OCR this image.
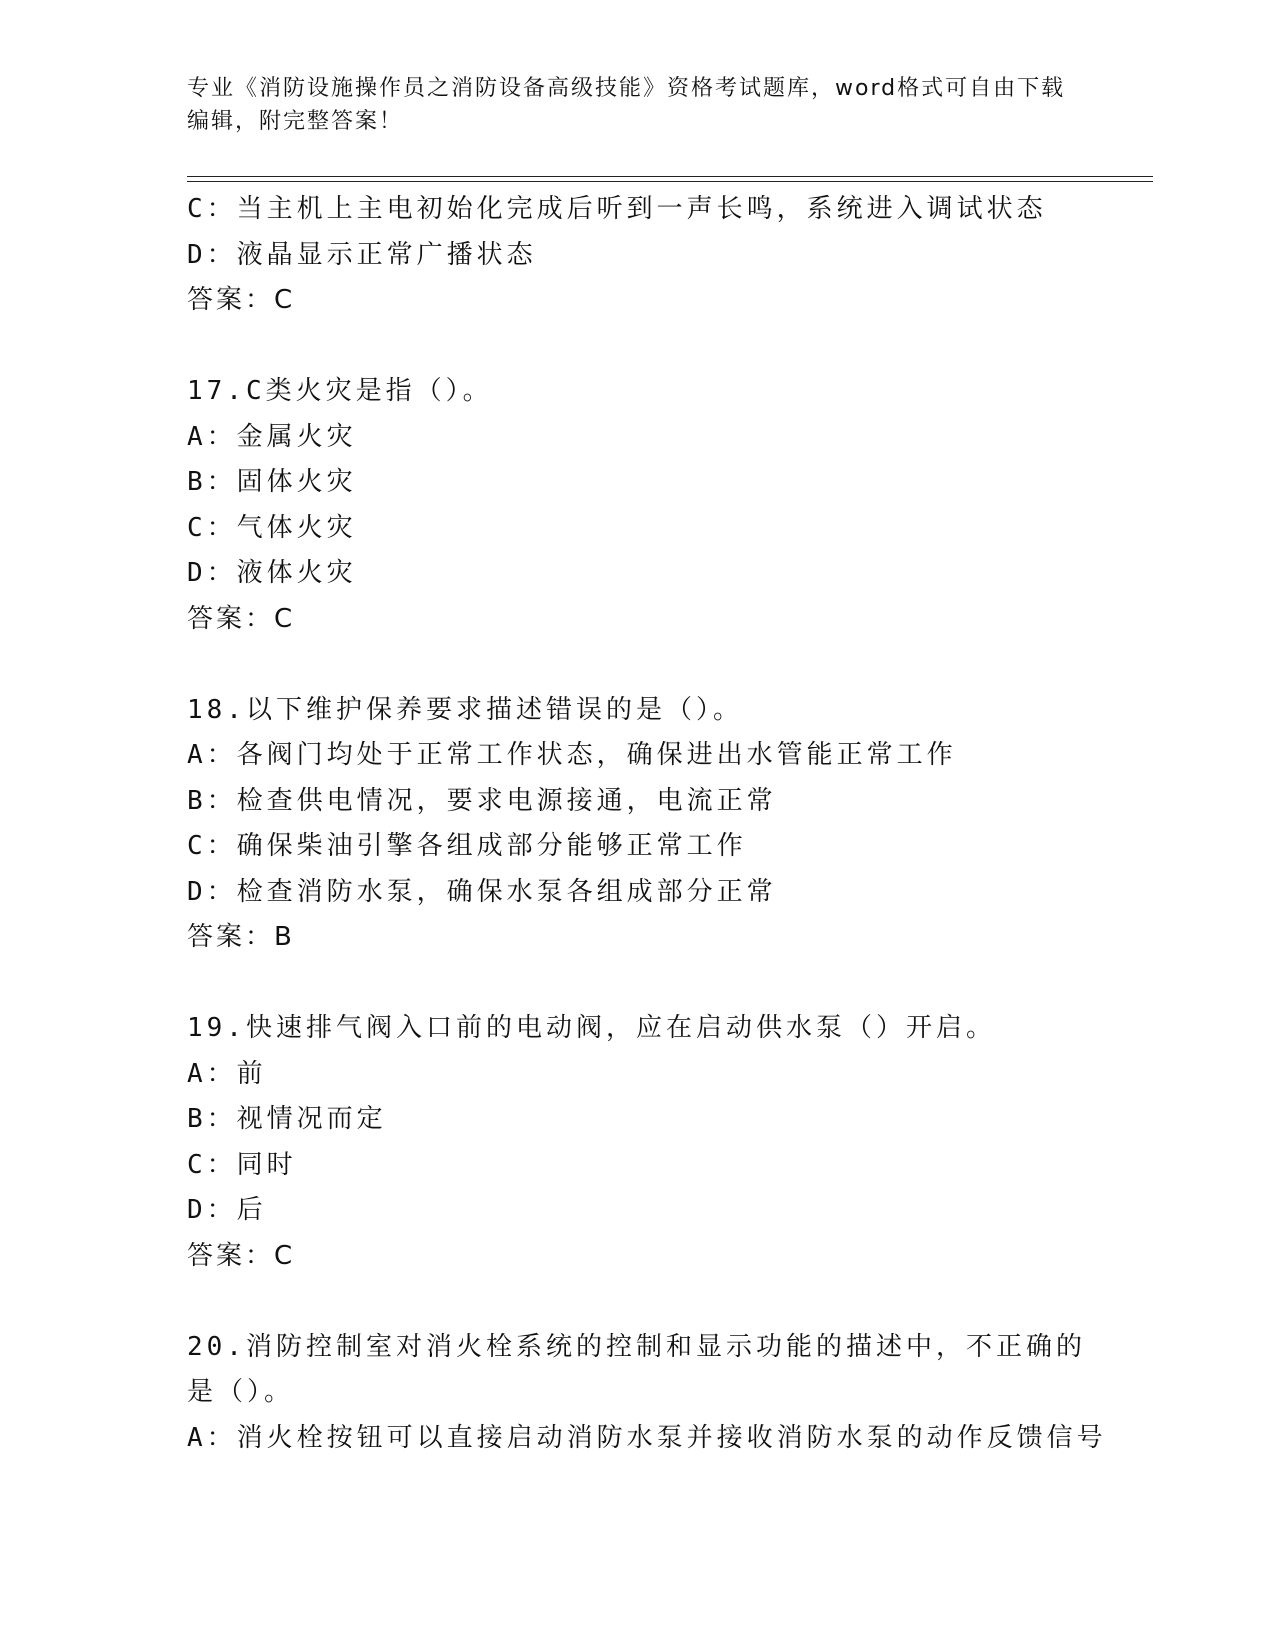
专业《消防设施操作员之消防设备高级技能》资格考试题库，word格式可自由下载编辑，附完整答案！
C：当主机上主电初始化完成后听到一声长鸣，系统进入调试状态
D：液晶显示正常广播状态
答案：C
17.C类火灾是指（）。
A：金属火灾
B：固体火灾
C：气体火灾
D：液体火灾
答案：C
18.以下维护保养要求描述错误的是（）。
A：各阀门均处于正常工作状态，确保进出水管能正常工作
B：检查供电情况，要求电源接通，电流正常
C：确保柴油引擎各组成部分能够正常工作
D：检查消防水泵，确保水泵各组成部分正常
答案：B
19.快速排气阀入口前的电动阀，应在启动供水泵（）开启。
A：前
B：视情况而定
C：同时
D：后
答案：C
20.消防控制室对消火栓系统的控制和显示功能的描述中，不正确的是（）。
A：消火栓按钮可以直接启动消防水泵并接收消防水泵的动作反馈信号
